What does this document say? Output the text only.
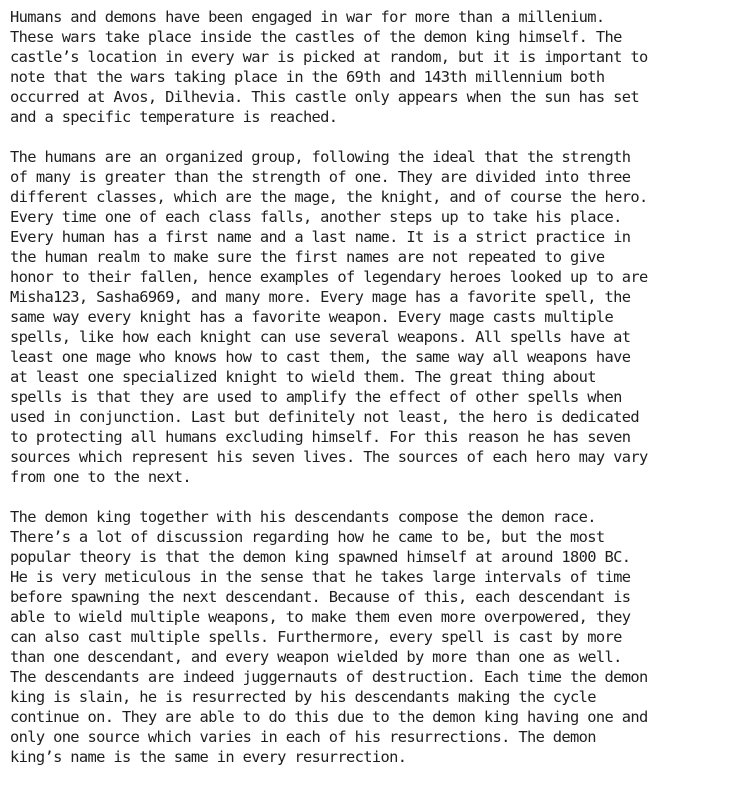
Humans and demons have been engaged in war for more than a millenium.
These wars take place inside the castles of the demon king himself. The
castle’s location in every war is picked at random, but it is important to
note that the wars taking place in the 69th and 143th millennium both
occurred at Avos, Dilhevia. This castle only appears when the sun has set
and a specific temperature is reached.
The humans are an organized group, following the ideal that the strength
of many is greater than the strength of one. They are divided into three
different classes, which are the mage, the knight, and of course the hero.
Every time one of each class falls, another steps up to take his place.
Every human has a first name and a last name. It is a strict practice in
the human realm to make sure the first names are not repeated to give
honor to their fallen, hence examples of legendary heroes looked up to are
Misha123, Sasha6969, and many more. Every mage has a favorite spell, the
same way every knight has a favorite weapon. Every mage casts multiple
spells, like how each knight can use several weapons. All spells have at
least one mage who knows how to cast them, the same way all weapons have
at least one specialized knight to wield them. The great thing about
spells is that they are used to amplify the effect of other spells when
used in conjunction. Last but definitely not least, the hero is dedicated
to protecting all humans excluding himself. For this reason he has seven
sources which represent his seven lives. The sources of each hero may vary
from one to the next.
The demon king together with his descendants compose the demon race.
There’s a lot of discussion regarding how he came to be, but the most
popular theory is that the demon king spawned himself at around 1800 BC.
He is very meticulous in the sense that he takes large intervals of time
before spawning the next descendant. Because of this, each descendant is
able to wield multiple weapons, to make them even more overpowered, they
can also cast multiple spells. Furthermore, every spell is cast by more
than one descendant, and every weapon wielded by more than one as well.
The descendants are indeed juggernauts of destruction. Each time the demon
king is slain, he is resurrected by his descendants making the cycle
continue on. They are able to do this due to the demon king having one and
only one source which varies in each of his resurrections. The demon
king’s name is the same in every resurrection.
